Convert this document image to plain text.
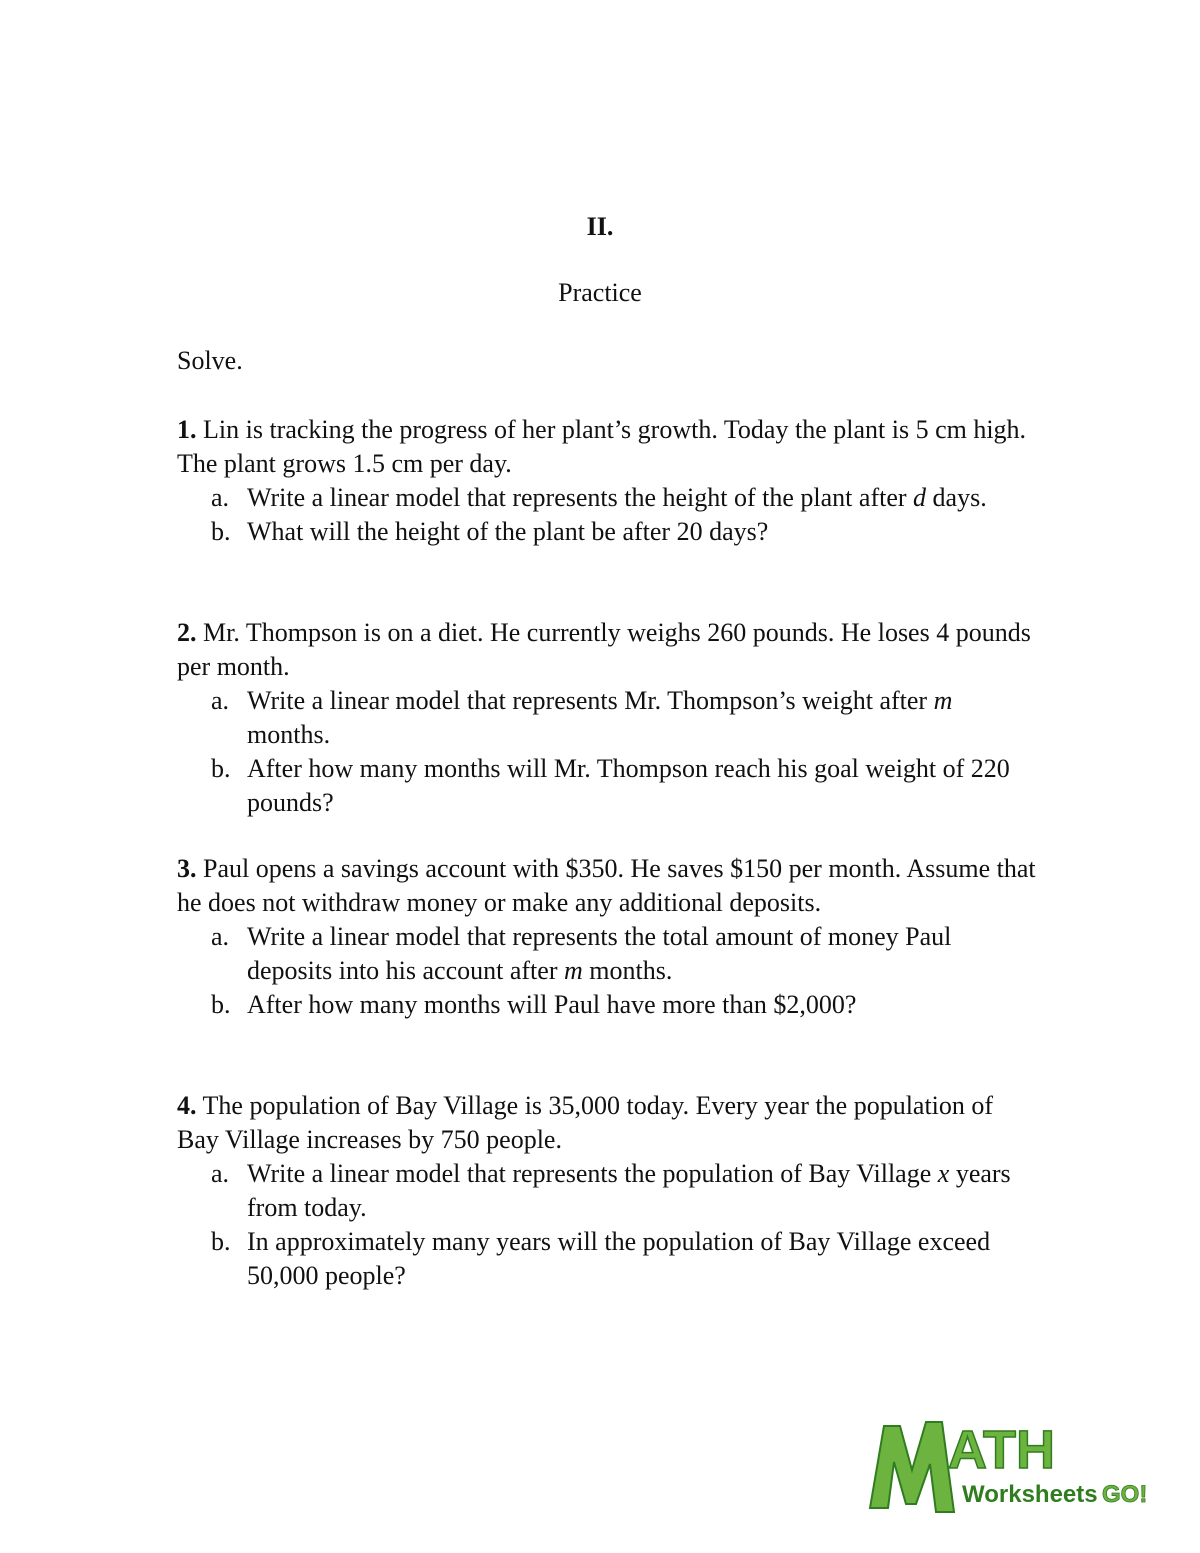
II.
Practice
Solve.
1. Lin is tracking the progress of her plant’s growth. Today the plant is 5 cm high. The plant grows 1.5 cm per day.
a. Write a linear model that represents the height of the plant after d days.
b. What will the height of the plant be after 20 days?
2. Mr. Thompson is on a diet. He currently weighs 260 pounds. He loses 4 pounds per month.
a. Write a linear model that represents Mr. Thompson’s weight after m months.
b. After how many months will Mr. Thompson reach his goal weight of 220 pounds?
3. Paul opens a savings account with $350. He saves $150 per month. Assume that he does not withdraw money or make any additional deposits.
a. Write a linear model that represents the total amount of money Paul deposits into his account after m months.
b. After how many months will Paul have more than $2,000?
4. The population of Bay Village is 35,000 today. Every year the population of Bay Village increases by 750 people.
a. Write a linear model that represents the population of Bay Village x years from today.
b. In approximately many years will the population of Bay Village exceed 50,000 people?
ATH
Worksheets GO!
